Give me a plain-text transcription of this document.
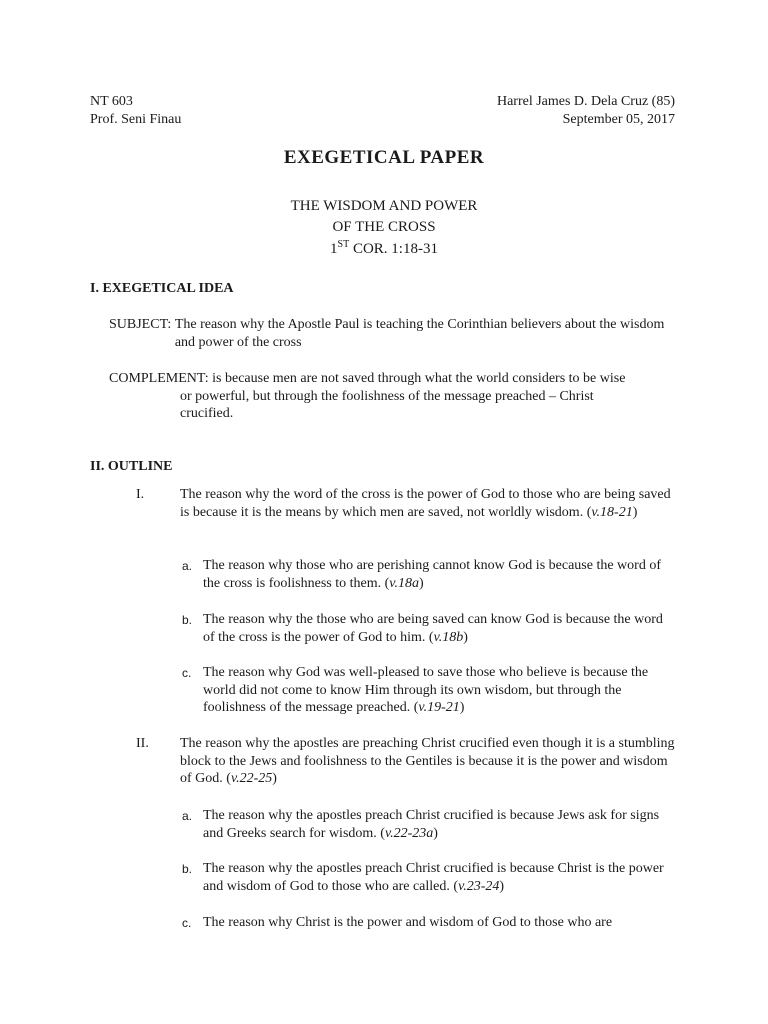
NT 603	Harrel James D. Dela Cruz (85)
Prof. Seni Finau	September 05, 2017
EXEGETICAL PAPER
THE WISDOM AND POWER
OF THE CROSS
1ST COR. 1:18-31
I. EXEGETICAL IDEA
SUBJECT: The reason why the Apostle Paul is teaching the Corinthian believers about the wisdom and power of the cross
COMPLEMENT: is because men are not saved through what the world considers to be wise
or powerful, but through the foolishness of the message preached – Christ crucified.
II. OUTLINE
I.	The reason why the word of the cross is the power of God to those who are being saved is because it is the means by which men are saved, not worldly wisdom. (v.18-21)
a. The reason why those who are perishing cannot know God is because the word of the cross is foolishness to them. (v.18a)
b. The reason why the those who are being saved can know God is because the word of the cross is the power of God to him. (v.18b)
c. The reason why God was well-pleased to save those who believe is because the world did not come to know Him through its own wisdom, but through the foolishness of the message preached. (v.19-21)
II. The reason why the apostles are preaching Christ crucified even though it is a stumbling block to the Jews and foolishness to the Gentiles is because it is the power and wisdom of God. (v.22-25)
a. The reason why the apostles preach Christ crucified is because Jews ask for signs and Greeks search for wisdom. (v.22-23a)
b. The reason why the apostles preach Christ crucified is because Christ is the power and wisdom of God to those who are called. (v.23-24)
c. The reason why Christ is the power and wisdom of God to those who are
